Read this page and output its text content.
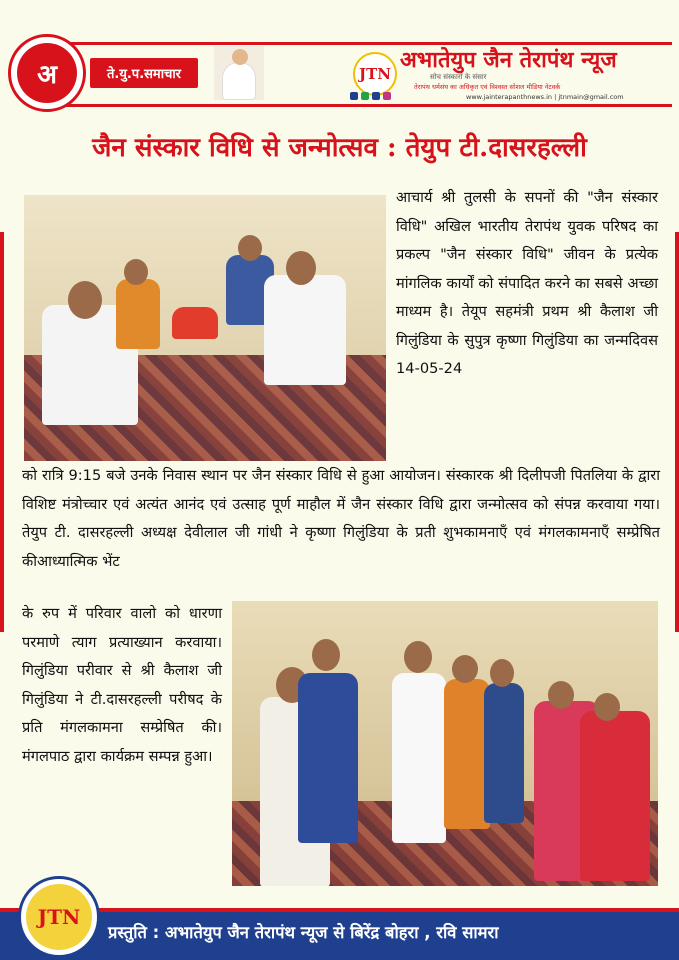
अ	ते.यु.प.समाचार	JTN
अभातेयुप जैन तेरापंथ न्यूज
सोच संस्कारों के संसार
तेरापंथ धर्मसंघ का अधिकृत एवं विश्वस्त सोशल मीडिया नेटवर्क
www.jainterapanthnews.in | jtnmain@gmail.com
जैन संस्कार विधि से जन्मोत्सव : तेयुप टी.दासरहल्ली
आचार्य श्री तुलसी के सपनों की "जैन संस्कार विधि" अखिल भारतीय तेरापंथ युवक परिषद का प्रकल्प "जैन संस्कार विधि" जीवन के प्रत्येक मांगलिक कार्यों को संपादित करने का सबसे अच्छा माध्यम है। तेयूप सहमंत्री प्रथम श्री कैलाश जी गिलुंडिया के सुपुत्र कृष्णा गिलुंडिया का जन्मदिवस 14-05-24
को रात्रि 9:15 बजे उनके निवास स्थान पर जैन संस्कार विधि से हुआ आयोजन। संस्कारक श्री दिलीपजी पितलिया के द्वारा विशिष्ट मंत्रोच्चार एवं अत्यंत आनंद एवं उत्साह पूर्ण माहौल में जैन संस्कार विधि द्वारा जन्मोत्सव को संपन्न करवाया गया।तेयुप टी. दासरहल्ली अध्यक्ष देवीलाल जी गांधी ने कृष्णा गिलुंडिया के प्रती शुभकामनाएँ एवं मंगलकामनाएँ सम्प्रेषित कीआध्यात्मिक भेंट
के रुप में परिवार वालो को धारणा परमाणे त्याग प्रत्याख्यान करवाया।गिलुंडिया परीवार से श्री कैलाश जी गिलुंडिया ने टी.दासरहल्ली परीषद के प्रति मंगलकामना सम्प्रेषित की।मंगलपाठ द्वारा कार्यक्रम सम्पन्न हुआ।
JTN
प्रस्तुति : अभातेयुप जैन तेरापंथ न्यूज से बिरेंद्र बोहरा , रवि सामरा
